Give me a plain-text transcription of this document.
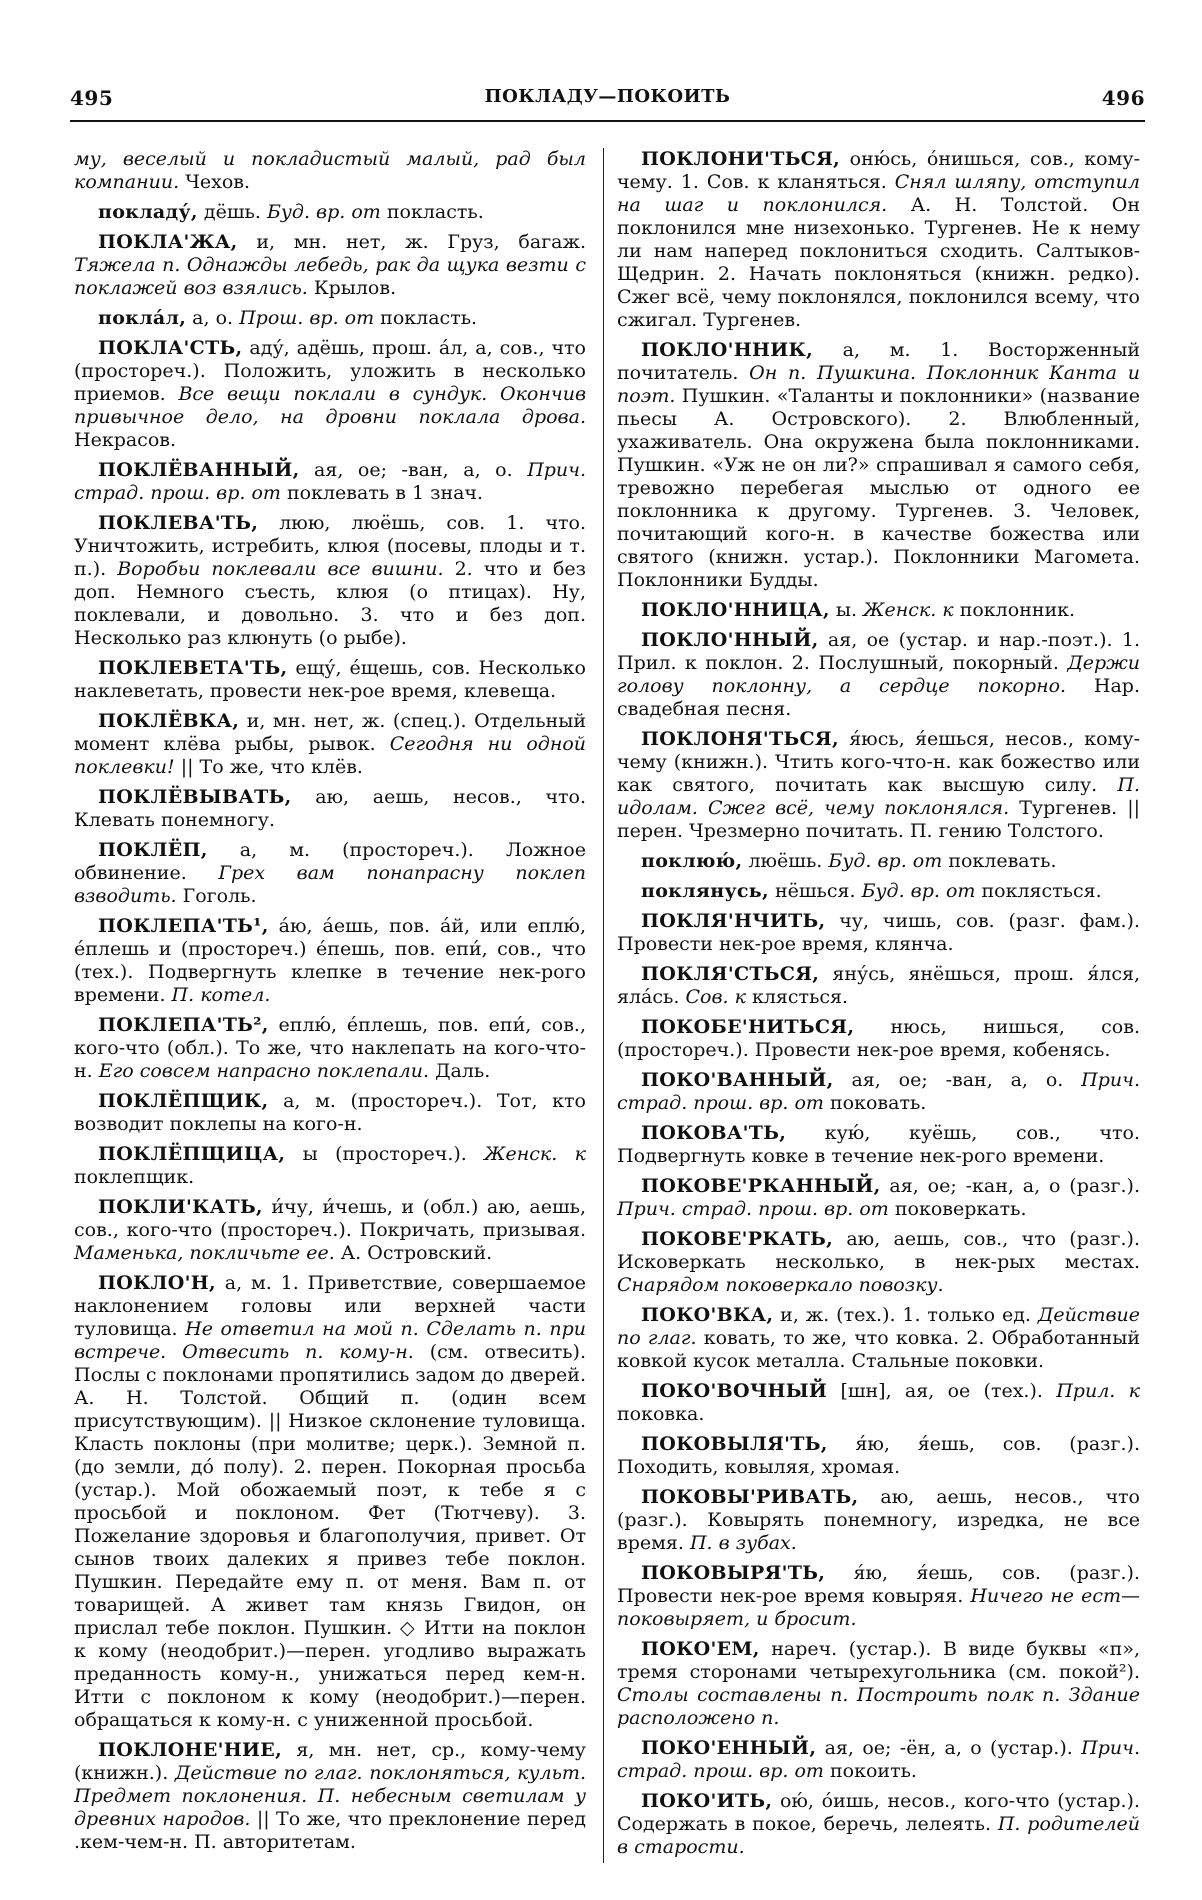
495	ПОКЛАДУ—ПОКОИТЬ	496

му, веселый и покладистый малый, рад был компании. Чехов.

покладу́, дёшь. Буд. вр. от покласть.

ПОКЛА'ЖА, и, мн. нет, ж. Груз, багаж. Тяжела п. Однажды лебедь, рак да щука везти с поклажей воз взялись. Крылов.

поклáл, а, о. Прош. вр. от покласть.

ПОКЛА'СТЬ, аду́, адёшь, прош. áл, а, сов., что (простореч.). Положить, уложить в несколько приемов. Все вещи поклали в сундук. Окончив привычное дело, на дровни поклала дрова. Некрасов.

ПОКЛЁВАННЫЙ, ая, ое; -ван, а, о. Прич. страд. прош. вр. от поклевать в 1 знач.

ПОКЛЕВА'ТЬ, люю, люёшь, сов. 1. что. Уничтожить, истребить, клюя (посевы, плоды и т. п.). Воробьи поклевали все вишни. 2. что и без доп. Немного съесть, клюя (о птицах). Ну, поклевали, и довольно. 3. что и без доп. Несколько раз клюнуть (о рыбе).

ПОКЛЕВЕТА'ТЬ, ещу́, е́щешь, сов. Несколько наклеветать, провести нек-рое время, клевеща.

ПОКЛЁВКА, и, мн. нет, ж. (спец.). Отдельный момент клёва рыбы, рывок. Сегодня ни одной поклевки! || То же, что клёв.

ПОКЛЁВЫВАТЬ, аю, аешь, несов., что. Клевать понемногу.

ПОКЛЁП, а, м. (простореч.). Ложное обвинение. Грех вам понапрасну поклеп взводить. Гоголь.

ПОКЛЕПА'ТЬ¹, áю, áешь, пов. áй, или еплю́, е́плешь и (простореч.) е́пешь, пов. епи́, сов., что (тех.). Подвергнуть клепке в течение нек-рого времени. П. котел.

ПОКЛЕПА'ТЬ², еплю́, е́плешь, пов. епи́, сов., кого-что (обл.). То же, что наклепать на кого-что-н. Его совсем напрасно поклепали. Даль.

ПОКЛЁПЩИК, а, м. (простореч.). Тот, кто возводит поклепы на кого-н.

ПОКЛЁПЩИЦА, ы (простореч.). Женск. к поклепщик.

ПОКЛИ'КАТЬ, и́чу, и́чешь, и (обл.) аю, аешь, сов., кого-что (простореч.). Покричать, призывая. Маменька, покличьте ее. А. Островский.

ПОКЛО'Н, а, м. 1. Приветствие, совершаемое наклонением головы или верхней части туловища. Не ответил на мой п. Сделать п. при встрече. Отвесить п. кому-н. (см. отвесить). Послы с поклонами пропятились задом до дверей. А. Н. Толстой. Общий п. (один всем присутствующим). || Низкое склонение туловища. Класть поклоны (при молитве; церк.). Земной п. (до земли, до́ полу). 2. перен. Покорная просьба (устар.). Мой обожаемый поэт, к тебе я с просьбой и поклоном. Фет (Тютчеву). 3. Пожелание здоровья и благополучия, привет. От сынов твоих далеких я привез тебе поклон. Пушкин. Передайте ему п. от меня. Вам п. от товарищей. А живет там князь Гвидон, он прислал тебе поклон. Пушкин. ◇ Итти на поклон к кому (неодобрит.)—перен. угодливо выражать преданность кому-н., унижаться перед кем-н. Итти с поклоном к кому (неодобрит.)—перен. обращаться к кому-н. с униженной просьбой.

ПОКЛОНЕ'НИЕ, я, мн. нет, ср., кому-чему (книжн.). Действие по глаг. поклоняться, культ. Предмет поклонения. П. небесным светилам у древних народов. || То же, что преклонение перед .кем-чем-н. П. авторитетам.

ПОКЛОНИ'ТЬСЯ, оню́сь, о́нишься, сов., кому-чему. 1. Сов. к кланяться. Снял шляпу, отступил на шаг и поклонился. А. Н. Толстой. Он поклонился мне низехонько. Тургенев. Не к нему ли нам наперед поклониться сходить. Салтыков-Щедрин. 2. Начать поклоняться (книжн. редко). Сжег всё, чему поклонялся, поклонился всему, что сжигал. Тургенев.

ПОКЛО'ННИК, а, м. 1. Восторженный почитатель. Он п. Пушкина. Поклонник Канта и поэт. Пушкин. «Таланты и поклонники» (название пьесы А. Островского). 2. Влюбленный, ухаживатель. Она окружена была поклонниками. Пушкин. «Уж не он ли?» спрашивал я самого себя, тревожно перебегая мыслью от одного ее поклонника к другому. Тургенев. 3. Человек, почитающий кого-н. в качестве божества или святого (книжн. устар.). Поклонники Магомета. Поклонники Будды.

ПОКЛО'ННИЦА, ы. Женск. к поклонник.

ПОКЛО'ННЫЙ, ая, ое (устар. и нар.-поэт.). 1. Прил. к поклон. 2. Послушный, покорный. Держи голову поклонну, а сердце покорно. Нар. свадебная песня.

ПОКЛОНЯ'ТЬСЯ, я́юсь, я́ешься, несов., кому-чему (книжн.). Чтить кого-что-н. как божество или как святого, почитать как высшую силу. П. идолам. Сжег всё, чему поклонялся. Тургенев. || перен. Чрезмерно почитать. П. гению Толстого.

поклюю́, люёшь. Буд. вр. от поклевать.

поклянусь, нёшься. Буд. вр. от поклясться.

ПОКЛЯ'НЧИТЬ, чу, чишь, сов. (разг. фам.). Провести нек-рое время, клянча.

ПОКЛЯ'СТЬСЯ, яну́сь, янёшься, прош. я́лся, ялáсь. Сов. к клясться.

ПОКОБЕ'НИТЬСЯ, нюсь, нишься, сов. (простореч.). Провести нек-рое время, кобенясь.

ПОКО'ВАННЫЙ, ая, ое; -ван, а, о. Прич. страд. прош. вр. от поковать.

ПОКОВА'ТЬ, кую́, куёшь, сов., что. Подвергнуть ковке в течение нек-рого времени.

ПОКОВЕ'РКАННЫЙ, ая, ое; -кан, а, о (разг.). Прич. страд. прош. вр. от поковеркать.

ПОКОВЕ'РКАТЬ, аю, аешь, сов., что (разг.). Исковеркать несколько, в нек-рых местах. Снарядом поковеркало повозку.

ПОКО'ВКА, и, ж. (тех.). 1. только ед. Действие по глаг. ковать, то же, что ковка. 2. Обработанный ковкой кусок металла. Стальные поковки.

ПОКО'ВОЧНЫЙ [шн], ая, ое (тех.). Прил. к поковка.

ПОКОВЫЛЯ'ТЬ, я́ю, я́ешь, сов. (разг.). Походить, ковыляя, хромая.

ПОКОВЫ'РИВАТЬ, аю, аешь, несов., что (разг.). Ковырять понемногу, изредка, не все время. П. в зубах.

ПОКОВЫРЯ'ТЬ, я́ю, я́ешь, сов. (разг.). Провести нек-рое время ковыряя. Ничего не ест—поковыряет, и бросит.

ПОКО'ЕМ, нареч. (устар.). В виде буквы «п», тремя сторонами четырехугольника (см. покой²). Столы составлены п. Построить полк п. Здание расположено п.

ПОКО'ЕННЫЙ, ая, ое; -ён, а, о (устар.). Прич. страд. прош. вр. от покоить.

ПОКО'ИТЬ, ою́, о́ишь, несов., кого-что (устар.). Содержать в покое, беречь, лелеять. П. родителей в старости.
